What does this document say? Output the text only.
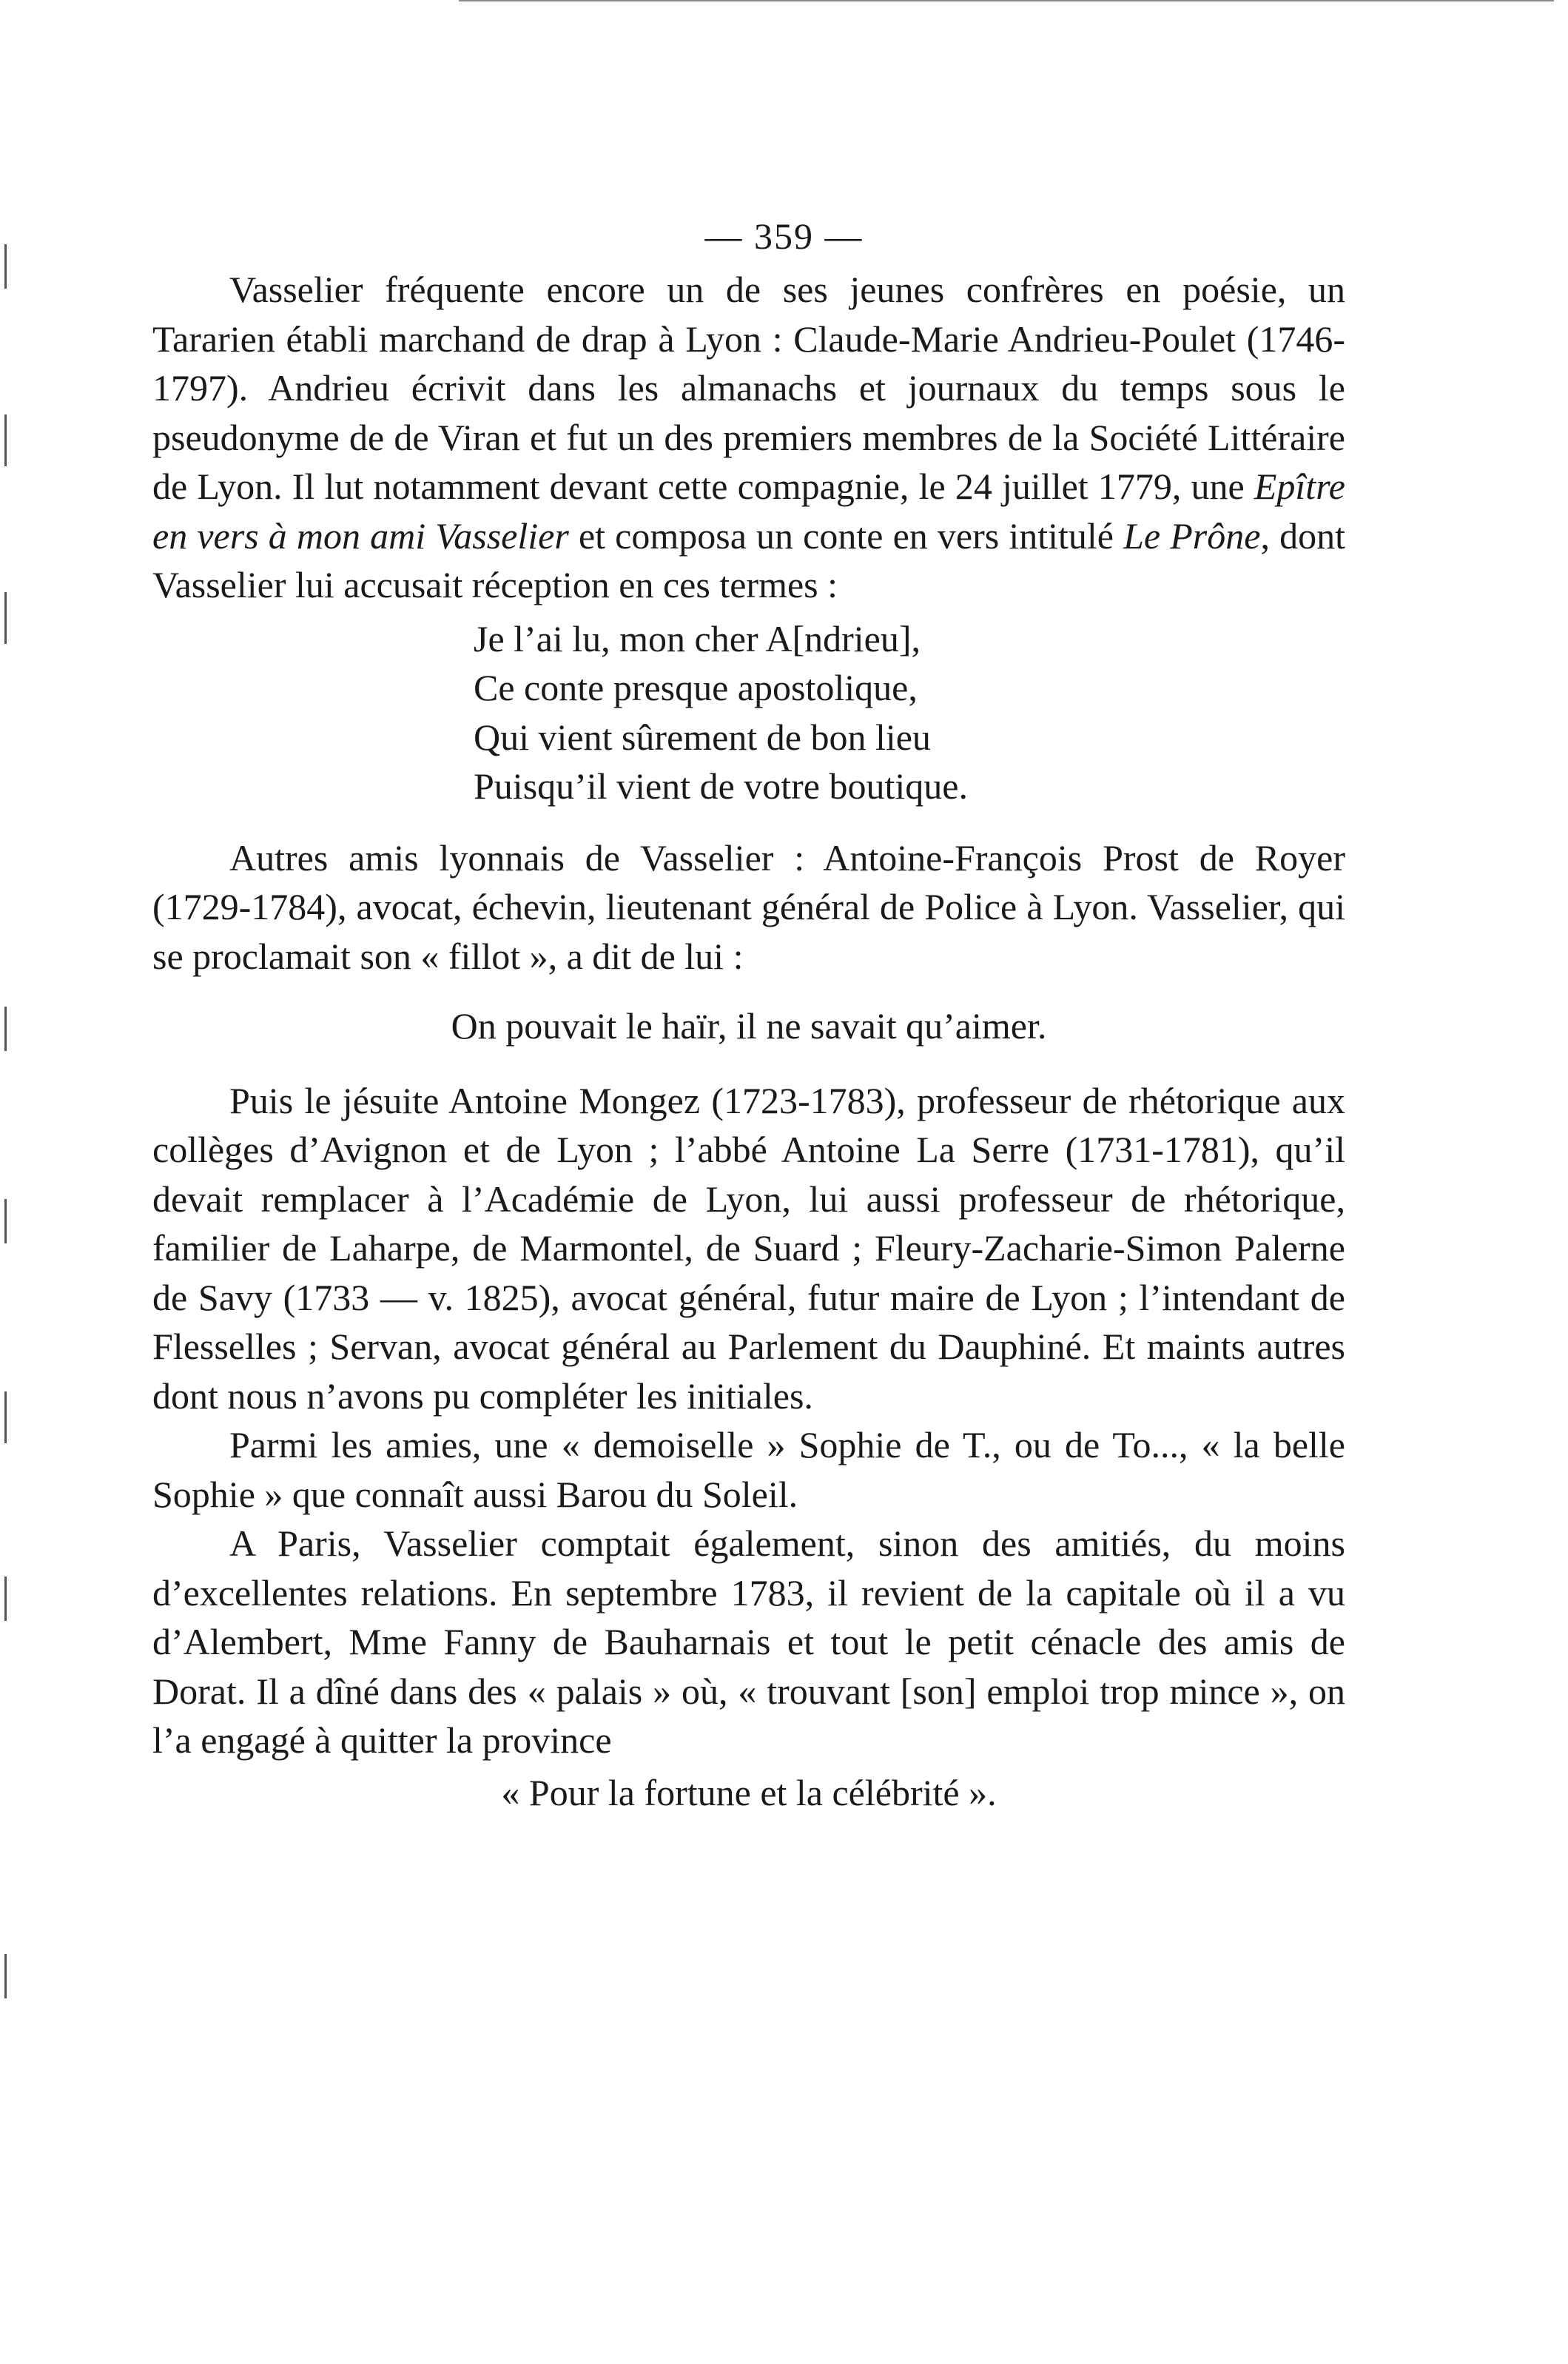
— 359 —

Vasselier fréquente encore un de ses jeunes confrères en poésie, un Tararien établi marchand de drap à Lyon : Claude-Marie Andrieu-Poulet (1746-1797). Andrieu écrivit dans les almanachs et journaux du temps sous le pseudonyme de de Viran et fut un des premiers membres de la Société Littéraire de Lyon. Il lut notamment devant cette compagnie, le 24 juillet 1779, une Epître en vers à mon ami Vasselier et composa un conte en vers intitulé Le Prône, dont Vasselier lui accusait réception en ces termes :

Je l’ai lu, mon cher A[ndrieu],
Ce conte presque apostolique,
Qui vient sûrement de bon lieu
Puisqu’il vient de votre boutique.

Autres amis lyonnais de Vasselier : Antoine-François Prost de Royer (1729-1784), avocat, échevin, lieutenant général de Police à Lyon. Vasselier, qui se proclamait son « fillot », a dit de lui :

On pouvait le haïr, il ne savait qu’aimer.

Puis le jésuite Antoine Mongez (1723-1783), professeur de rhétorique aux collèges d’Avignon et de Lyon ; l’abbé Antoine La Serre (1731-1781), qu’il devait remplacer à l’Académie de Lyon, lui aussi professeur de rhétorique, familier de Laharpe, de Marmontel, de Suard ; Fleury-Zacharie-Simon Palerne de Savy (1733 — v. 1825), avocat général, futur maire de Lyon ; l’intendant de Flesselles ; Servan, avocat général au Parlement du Dauphiné. Et maints autres dont nous n’avons pu compléter les initiales.

Parmi les amies, une « demoiselle » Sophie de T., ou de To..., « la belle Sophie » que connaît aussi Barou du Soleil.

A Paris, Vasselier comptait également, sinon des amitiés, du moins d’excellentes relations. En septembre 1783, il revient de la capitale où il a vu d’Alembert, Mme Fanny de Bauharnais et tout le petit cénacle des amis de Dorat. Il a dîné dans des « palais » où, « trouvant [son] emploi trop mince », on l’a engagé à quitter la province

« Pour la fortune et la célébrité ».
